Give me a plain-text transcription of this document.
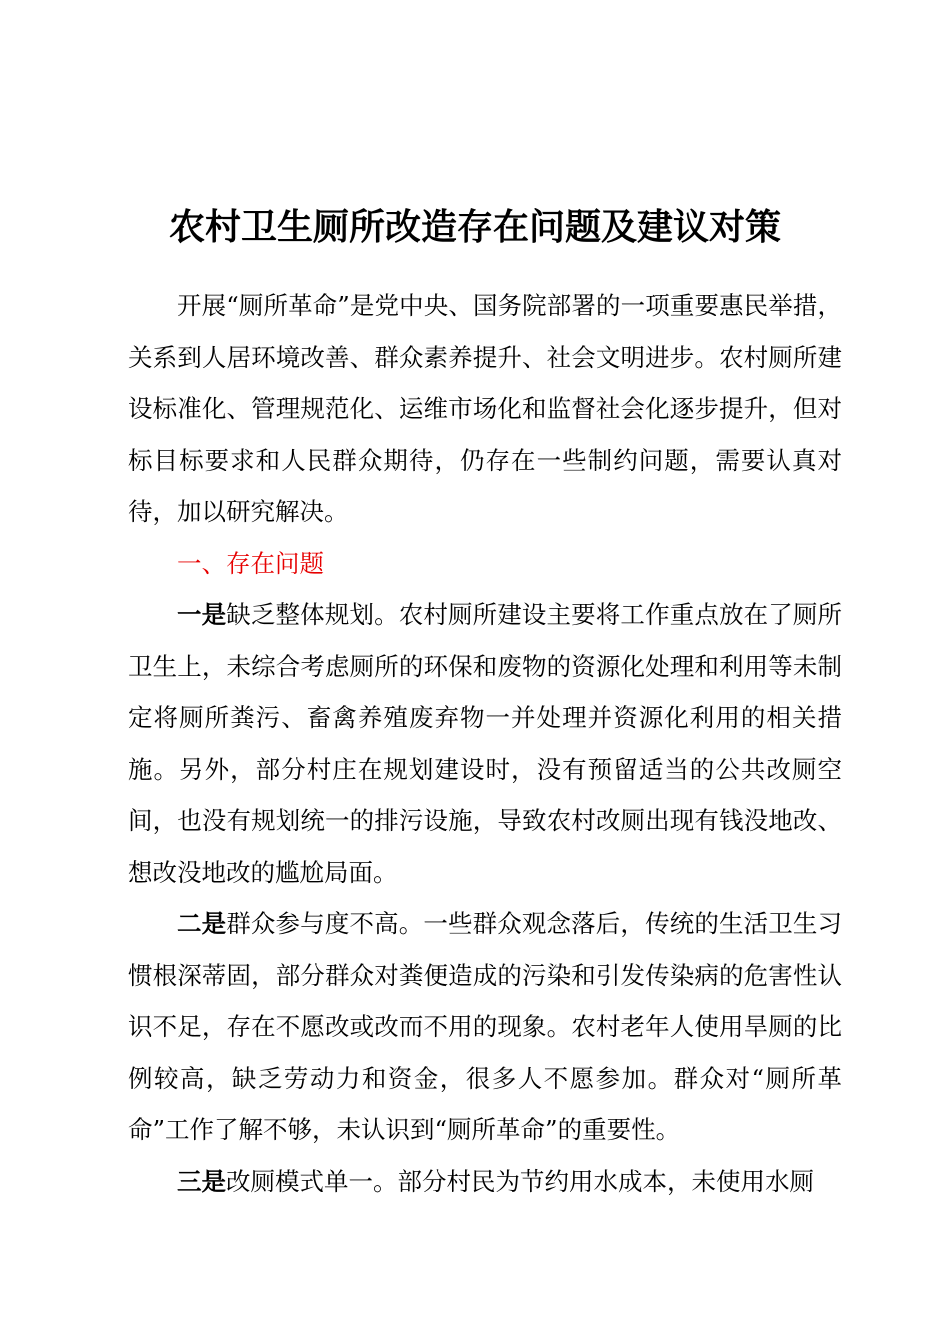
农村卫生厕所改造存在问题及建议对策

开展“厕所革命”是党中央、国务院部署的一项重要惠民举措，关系到人居环境改善、群众素养提升、社会文明进步。农村厕所建设标准化、管理规范化、运维市场化和监督社会化逐步提升，但对标目标要求和人民群众期待，仍存在一些制约问题，需要认真对待，加以研究解决。

一、存在问题

一是缺乏整体规划。农村厕所建设主要将工作重点放在了厕所卫生上，未综合考虑厕所的环保和废物的资源化处理和利用等未制定将厕所粪污、畜禽养殖废弃物一并处理并资源化利用的相关措施。另外，部分村庄在规划建设时，没有预留适当的公共改厕空间，也没有规划统一的排污设施，导致农村改厕出现有钱没地改、想改没地改的尴尬局面。

二是群众参与度不高。一些群众观念落后，传统的生活卫生习惯根深蒂固，部分群众对粪便造成的污染和引发传染病的危害性认识不足，存在不愿改或改而不用的现象。农村老年人使用旱厕的比例较高，缺乏劳动力和资金，很多人不愿参加。群众对“厕所革命”工作了解不够，未认识到“厕所革命”的重要性。

三是改厕模式单一。部分村民为节约用水成本，未使用水厕
